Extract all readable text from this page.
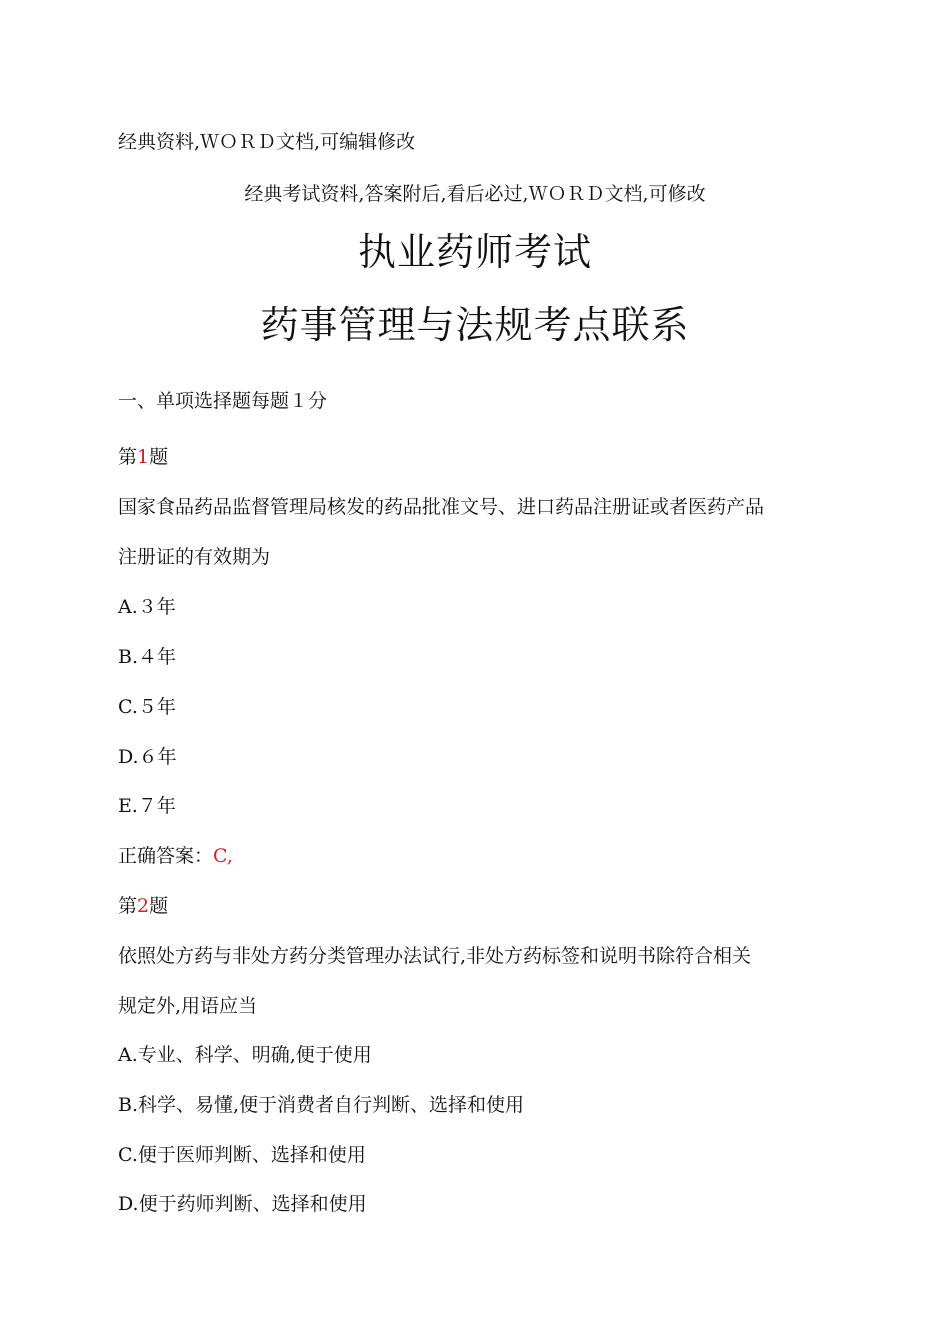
经典资料,ＷＯＲＤ文档,可编辑修改
经典考试资料,答案附后,看后必过,ＷＯＲＤ文档,可修改
执业药师考试
药事管理与法规考点联系
一、单项选择题每题１分
第1题
国家食品药品监督管理局核发的药品批准文号、进口药品注册证或者医药产品
注册证的有效期为
A.３年
B.４年
C.５年
D.６年
E.７年
正确答案：C,
第2题
依照处方药与非处方药分类管理办法试行,非处方药标签和说明书除符合相关
规定外,用语应当
A.专业、科学、明确,便于使用
B.科学、易懂,便于消费者自行判断、选择和使用
C.便于医师判断、选择和使用
D.便于药师判断、选择和使用
